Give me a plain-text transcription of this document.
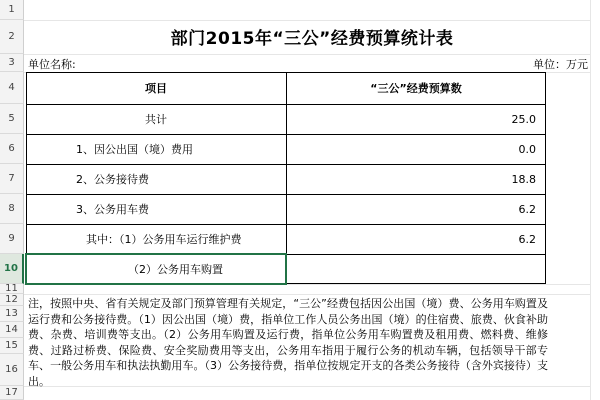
1
2
3
4
5
6
7
8
9
10
11
12
13
14
15
16
17
部门2015年“三公”经费预算统计表
单位名称:	单位：万元
项目	“三公”经费预算数
共计	25.0
1、因公出国（境）费用	0.0
2、公务接待费	18.8
3、公务用车费	6.2
其中：（1）公务用车运行维护费	6.2
（2）公务用车购置
注，按照中央、省有关规定及部门预算管理有关规定，“三公”经费包括因公出国（境）费、公务用车购置及运行费和公务接待费。（1）因公出国（境）费，指单位工作人员公务出国（境）的住宿费、旅费、伙食补助费、杂费、培训费等支出。（2）公务用车购置及运行费，指单位公务用车购置费及租用费、燃料费、维修费、过路过桥费、保险费、安全奖励费用等支出，公务用车指用于履行公务的机动车辆，包括领导干部专车、一般公务用车和执法执勤用车。（3）公务接待费，指单位按规定开支的各类公务接待（含外宾接待）支出。
